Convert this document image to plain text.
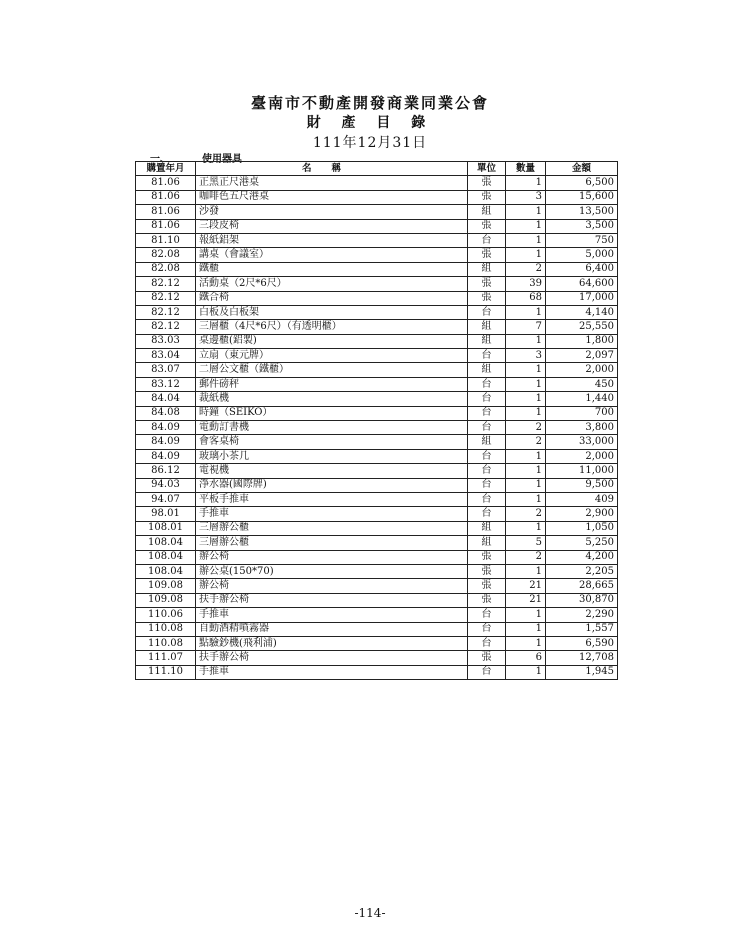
臺南市不動產開發商業同業公會
財 產 目 錄
111年12月31日
一、	使用器具
購置年月	名稱	單位	數量	金額
81.06	正黑正尺港桌	張	1	6,500
81.06	咖啡色五尺港桌	張	3	15,600
81.06	沙發	組	1	13,500
81.06	三段皮椅	張	1	3,500
81.10	報紙鋁架	台	1	750
82.08	講桌（會議室）	張	1	5,000
82.08	鐵櫃	組	2	6,400
82.12	活動桌（2尺*6尺）	張	39	64,600
82.12	鐵合椅	張	68	17,000
82.12	白板及白板架	台	1	4,140
82.12	三層櫃（4尺*6尺）（有透明櫃）	組	7	25,550
83.03	桌邊櫃(鋁製)	組	1	1,800
83.04	立扇（東元牌）	台	3	2,097
83.07	二層公文櫃（鐵櫃）	組	1	2,000
83.12	郵件磅秤	台	1	450
84.04	裁紙機	台	1	1,440
84.08	時鐘（SEIKO）	台	1	700
84.09	電動訂書機	台	2	3,800
84.09	會客桌椅	組	2	33,000
84.09	玻璃小茶几	台	1	2,000
86.12	電視機	台	1	11,000
94.03	淨水器(國際牌)	台	1	9,500
94.07	平板手推車	台	1	409
98.01	手推車	台	2	2,900
108.01	三層辦公櫃	組	1	1,050
108.04	三層辦公櫃	組	5	5,250
108.04	辦公椅	張	2	4,200
108.04	辦公桌(150*70)	張	1	2,205
109.08	辦公椅	張	21	28,665
109.08	扶手辦公椅	張	21	30,870
110.06	手推車	台	1	2,290
110.08	自動酒精噴霧器	台	1	1,557
110.08	點驗鈔機(飛利浦)	台	1	6,590
111.07	扶手辦公椅	張	6	12,708
111.10	手推車	台	1	1,945
-114-
